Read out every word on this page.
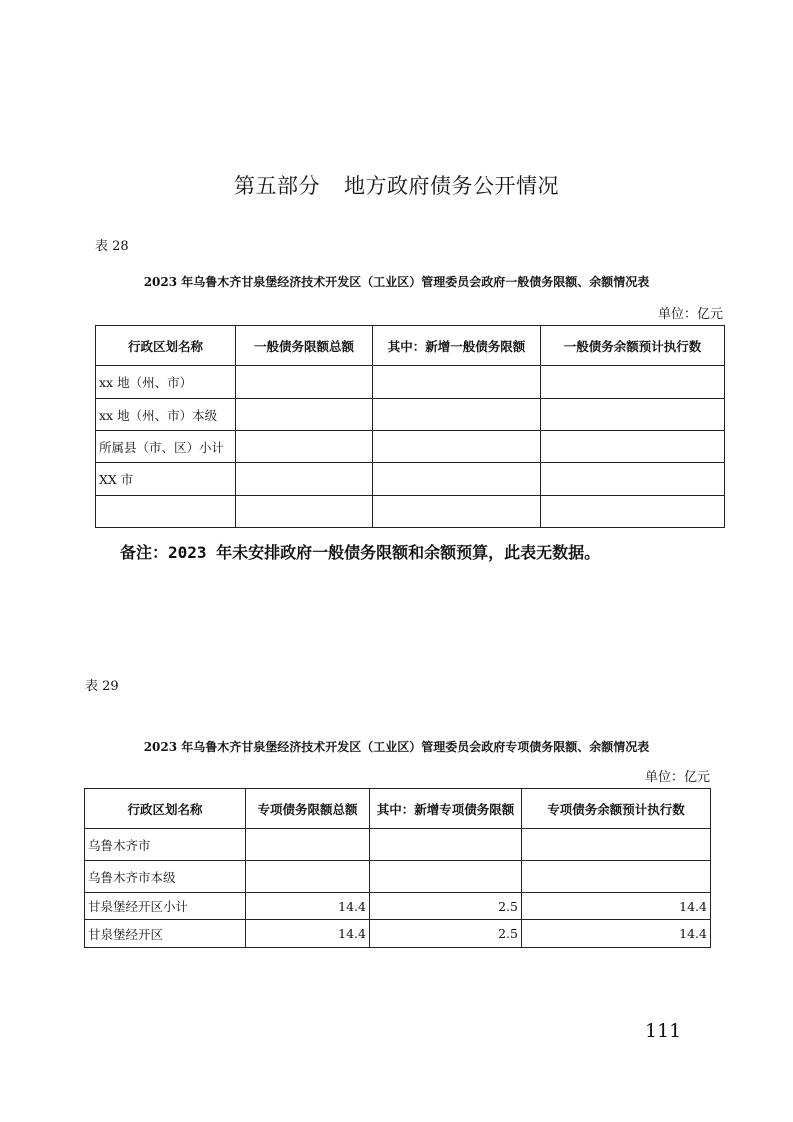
第五部分 地方政府债务公开情况
表 28
2023 年乌鲁木齐甘泉堡经济技术开发区（工业区）管理委员会政府一般债务限额、余额情况表
单位：亿元
行政区划名称	一般债务限额总额	其中：新增一般债务限额	一般债务余额预计执行数
xx 地（州、市）			
xx 地（州、市）本级			
所属县（市、区）小计			
XX 市			

备注：2023 年未安排政府一般债务限额和余额预算，此表无数据。
表 29
2023 年乌鲁木齐甘泉堡经济技术开发区（工业区）管理委员会政府专项债务限额、余额情况表
单位：亿元
行政区划名称	专项债务限额总额	其中：新增专项债务限额	专项债务余额预计执行数
乌鲁木齐市			
乌鲁木齐市本级			
甘泉堡经开区小计	14.4	2.5	14.4
甘泉堡经开区	14.4	2.5	14.4
111
